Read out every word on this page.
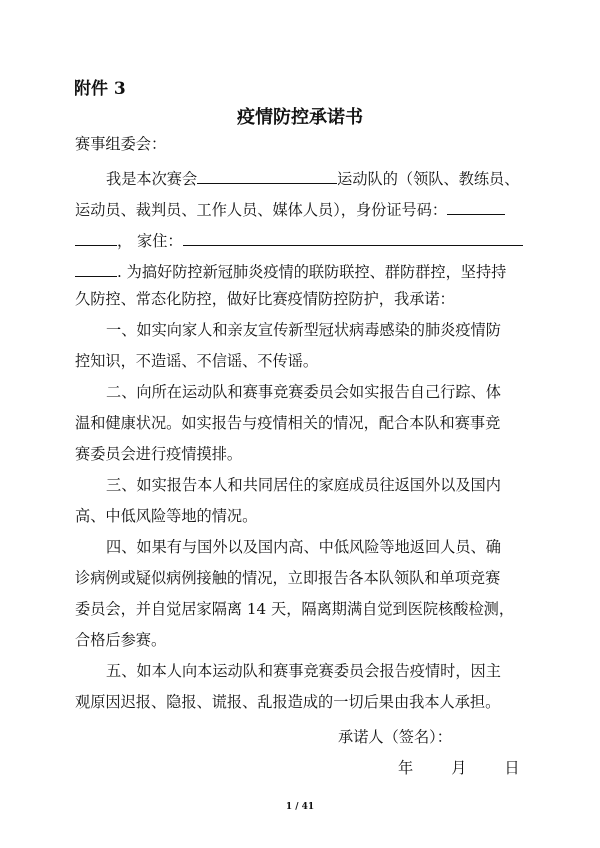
附件 3
疫情防控承诺书
赛事组委会：
我是本次赛会	运动队的（领队、教练员、
运动员、裁判员、工作人员、媒体人员），身份证号码：
， 家住：
. 为搞好防控新冠肺炎疫情的联防联控、群防群控，坚持持
久防控、常态化防控，做好比赛疫情防控防护，我承诺：
一、如实向家人和亲友宣传新型冠状病毒感染的肺炎疫情防
控知识，不造谣、不信谣、不传谣。
二、向所在运动队和赛事竞赛委员会如实报告自己行踪、体
温和健康状况。如实报告与疫情相关的情况，配合本队和赛事竞
赛委员会进行疫情摸排。
三、如实报告本人和共同居住的家庭成员往返国外以及国内
高、中低风险等地的情况。
四、如果有与国外以及国内高、中低风险等地返回人员、确
诊病例或疑似病例接触的情况，立即报告各本队领队和单项竞赛
委员会，并自觉居家隔离 14 天，隔离期满自觉到医院核酸检测，
合格后参赛。
五、如本人向本运动队和赛事竞赛委员会报告疫情时，因主
观原因迟报、隐报、谎报、乱报造成的一切后果由我本人承担。
承诺人（签名）：
年	月	日
1 / 41
